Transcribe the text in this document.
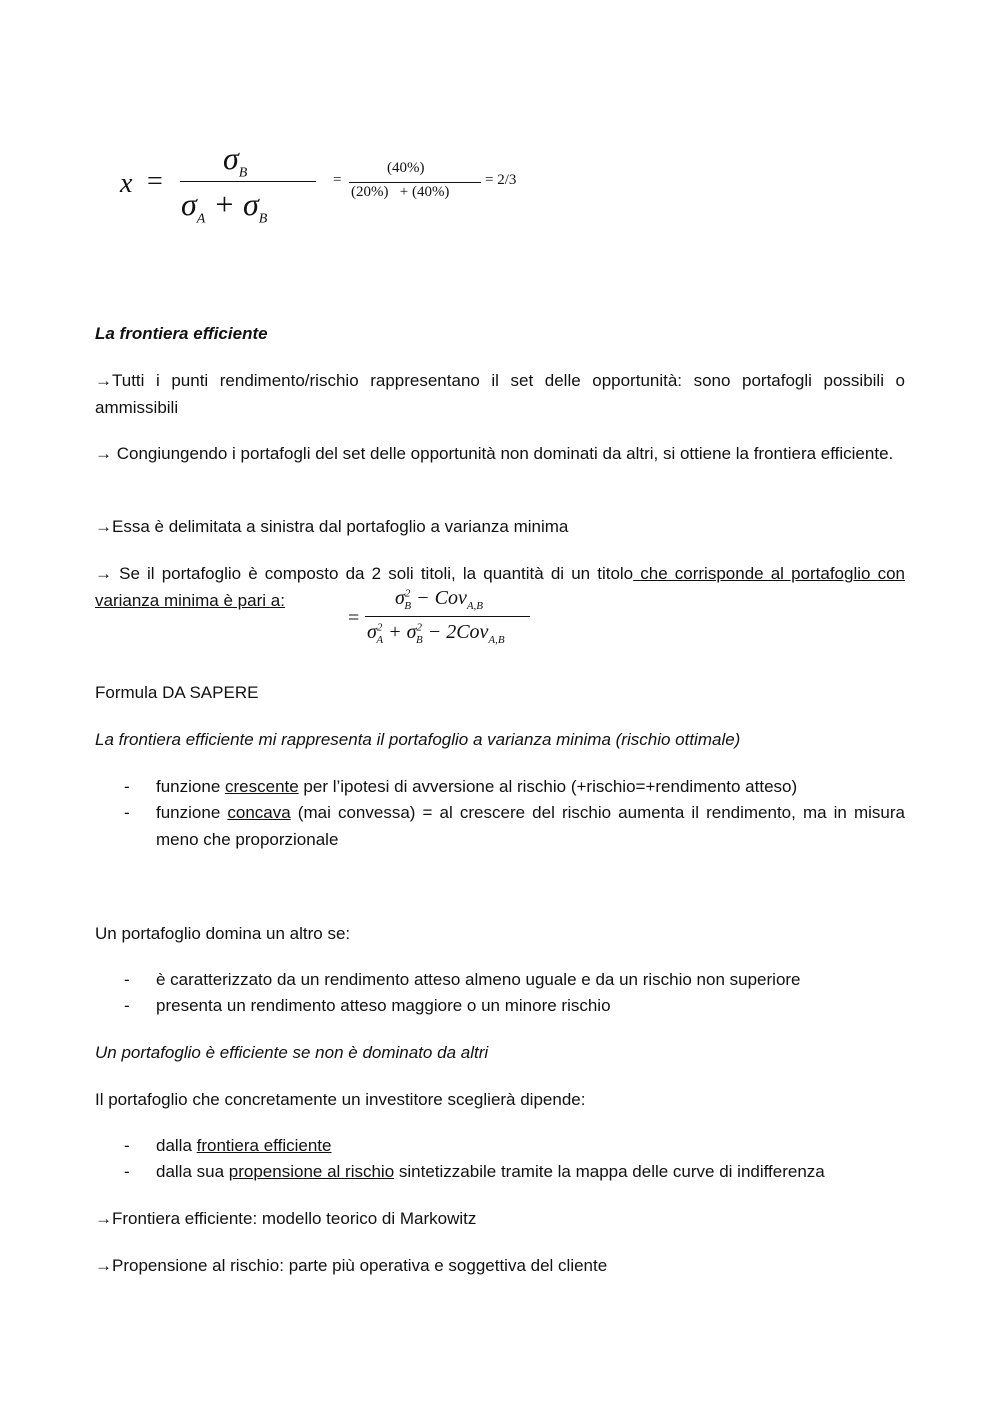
x =
$\sigma_B$
$\sigma_A + \sigma_B$
=
(40%)
(20%)   + (40%)
= 2/3
La frontiera efficiente
→Tutti i punti rendimento/rischio rappresentano il set delle opportunità: sono portafogli possibili o ammissibili
→ Congiungendo i portafogli del set delle opportunità non dominati da altri, si ottiene la frontiera efficiente.
→Essa è delimitata a sinistra dal portafoglio a varianza minima
→ Se il portafoglio è composto da 2 soli titoli, la quantità di un titolo che corrisponde al portafoglio con varianza minima è pari a:
=
$\sigma^2_B - Cov_{A,B}$
$\sigma^2_A + \sigma^2_B - 2Cov_{A,B}$
Formula DA SAPERE
La frontiera efficiente mi rappresenta il portafoglio a varianza minima (rischio ottimale)
- funzione crescente per l’ipotesi di avversione al rischio (+rischio=+rendimento atteso)
- funzione concava (mai convessa) = al crescere del rischio aumenta il rendimento, ma in misura meno che proporzionale
Un portafoglio domina un altro se:
- è caratterizzato da un rendimento atteso almeno uguale e da un rischio non superiore
- presenta un rendimento atteso maggiore o un minore rischio
Un portafoglio è efficiente se non è dominato da altri
Il portafoglio che concretamente un investitore sceglierà dipende:
- dalla frontiera efficiente
- dalla sua propensione al rischio sintetizzabile tramite la mappa delle curve di indifferenza
→Frontiera efficiente: modello teorico di Markowitz
→Propensione al rischio: parte più operativa e soggettiva del cliente
